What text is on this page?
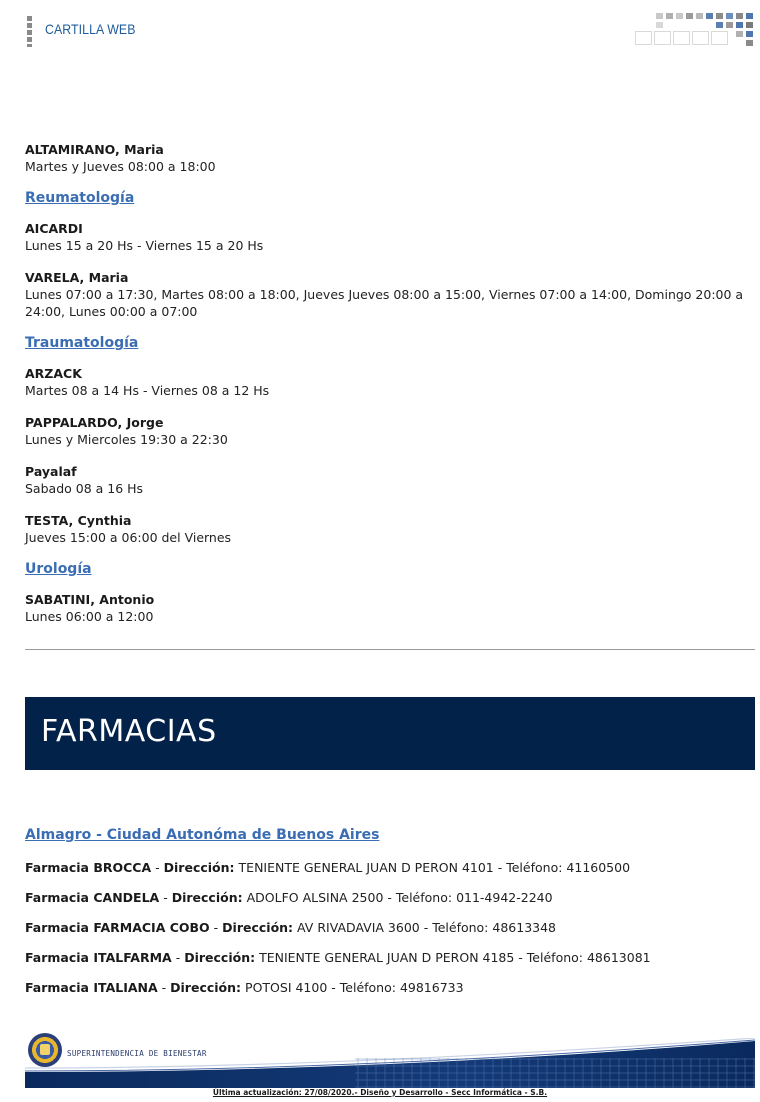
CARTILLA WEB
ALTAMIRANO, Maria
Martes y Jueves 08:00 a 18:00
Reumatología
AICARDI
Lunes 15 a 20 Hs - Viernes 15 a 20 Hs
VARELA, Maria
Lunes 07:00 a 17:30, Martes 08:00 a 18:00, Jueves Jueves 08:00 a 15:00, Viernes 07:00 a 14:00, Domingo 20:00 a 24:00, Lunes 00:00 a 07:00
Traumatología
ARZACK
Martes 08 a 14 Hs - Viernes 08 a 12 Hs
PAPPALARDO, Jorge
Lunes y Miercoles 19:30 a 22:30
Payalaf
Sabado 08 a 16 Hs
TESTA, Cynthia
Jueves 15:00 a 06:00 del Viernes
Urología
SABATINI, Antonio
Lunes 06:00 a 12:00
FARMACIAS
Almagro - Ciudad Autonóma de Buenos Aires
Farmacia BROCCA - Dirección: TENIENTE GENERAL JUAN D PERON 4101 - Teléfono: 41160500
Farmacia CANDELA - Dirección: ADOLFO ALSINA 2500 - Teléfono: 011-4942-2240
Farmacia FARMACIA COBO - Dirección: AV RIVADAVIA 3600 - Teléfono: 48613348
Farmacia ITALFARMA - Dirección: TENIENTE GENERAL JUAN D PERON 4185 - Teléfono: 48613081
Farmacia ITALIANA - Dirección: POTOSI 4100 - Teléfono: 49816733
SUPERINTENDENCIA DE BIENESTAR
Última actualización: 27/08/2020.- Diseño y Desarrollo - Secc Informática - S.B.
